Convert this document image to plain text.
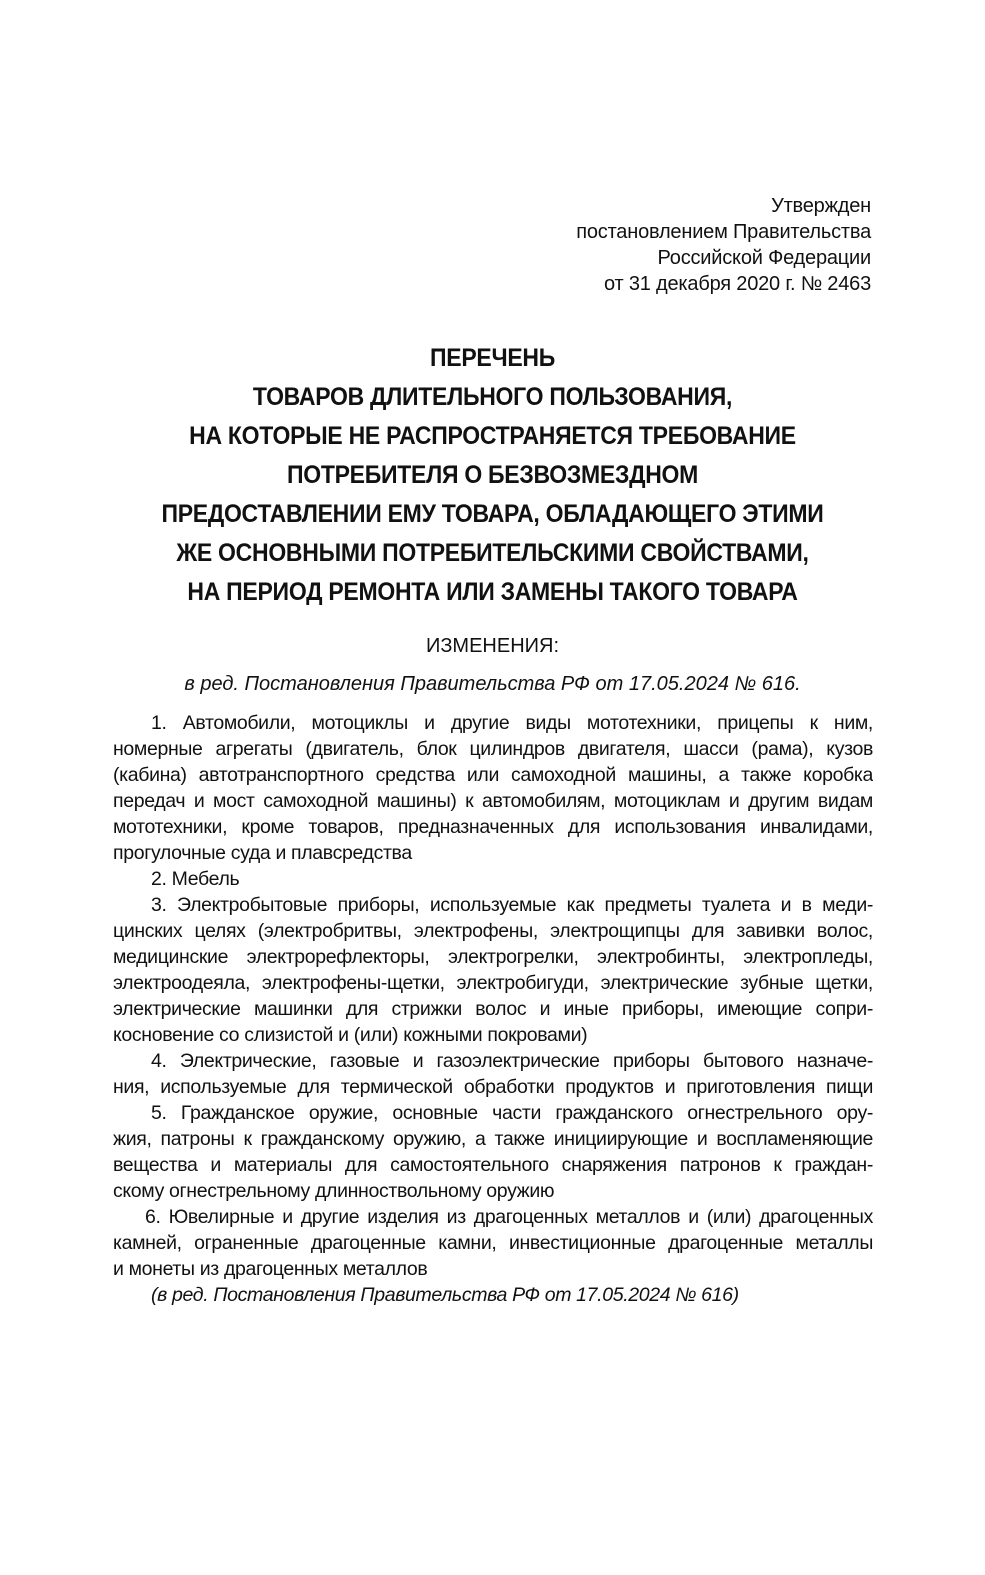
Утвержден
постановлением Правительства
Российской Федерации
от 31 декабря 2020 г. № 2463
ПЕРЕЧЕНЬ
ТОВАРОВ ДЛИТЕЛЬНОГО ПОЛЬЗОВАНИЯ,
НА КОТОРЫЕ НЕ РАСПРОСТРАНЯЕТСЯ ТРЕБОВАНИЕ
ПОТРЕБИТЕЛЯ О БЕЗВОЗМЕЗДНОМ
ПРЕДОСТАВЛЕНИИ ЕМУ ТОВАРА, ОБЛАДАЮЩЕГО ЭТИМИ
ЖЕ ОСНОВНЫМИ ПОТРЕБИТЕЛЬСКИМИ СВОЙСТВАМИ,
НА ПЕРИОД РЕМОНТА ИЛИ ЗАМЕНЫ ТАКОГО ТОВАРА
ИЗМЕНЕНИЯ:
в ред. Постановления Правительства РФ от 17.05.2024 № 616.
1. Автомобили, мотоциклы и другие виды мототехники, прицепы к ним,
номерные агрегаты (двигатель, блок цилиндров двигателя, шасси (рама), кузов
(кабина) автотранспортного средства или самоходной машины, а также коробка
передач и мост самоходной машины) к автомобилям, мотоциклам и другим видам
мототехники, кроме товаров, предназначенных для использования инвалидами,
прогулочные суда и плавсредства
2. Мебель
3. Электробытовые приборы, используемые как предметы туалета и в меди-
цинских целях (электробритвы, электрофены, электрощипцы для завивки волос,
медицинские электрорефлекторы, электрогрелки, электробинты, электропледы,
электроодеяла, электрофены-щетки, электробигуди, электрические зубные щетки,
электрические машинки для стрижки волос и иные приборы, имеющие сопри-
косновение со слизистой и (или) кожными покровами)
4. Электрические, газовые и газоэлектрические приборы бытового назначе-
ния, используемые для термической обработки продуктов и приготовления пищи
5. Гражданское оружие, основные части гражданского огнестрельного ору-
жия, патроны к гражданскому оружию, а также инициирующие и воспламеняющие
вещества и материалы для самостоятельного снаряжения патронов к граждан-
скому огнестрельному длинноствольному оружию
6. Ювелирные и другие изделия из драгоценных металлов и (или) драгоценных
камней, ограненные драгоценные камни, инвестиционные драгоценные металлы
и монеты из драгоценных металлов
(в ред. Постановления Правительства РФ от 17.05.2024 № 616)
